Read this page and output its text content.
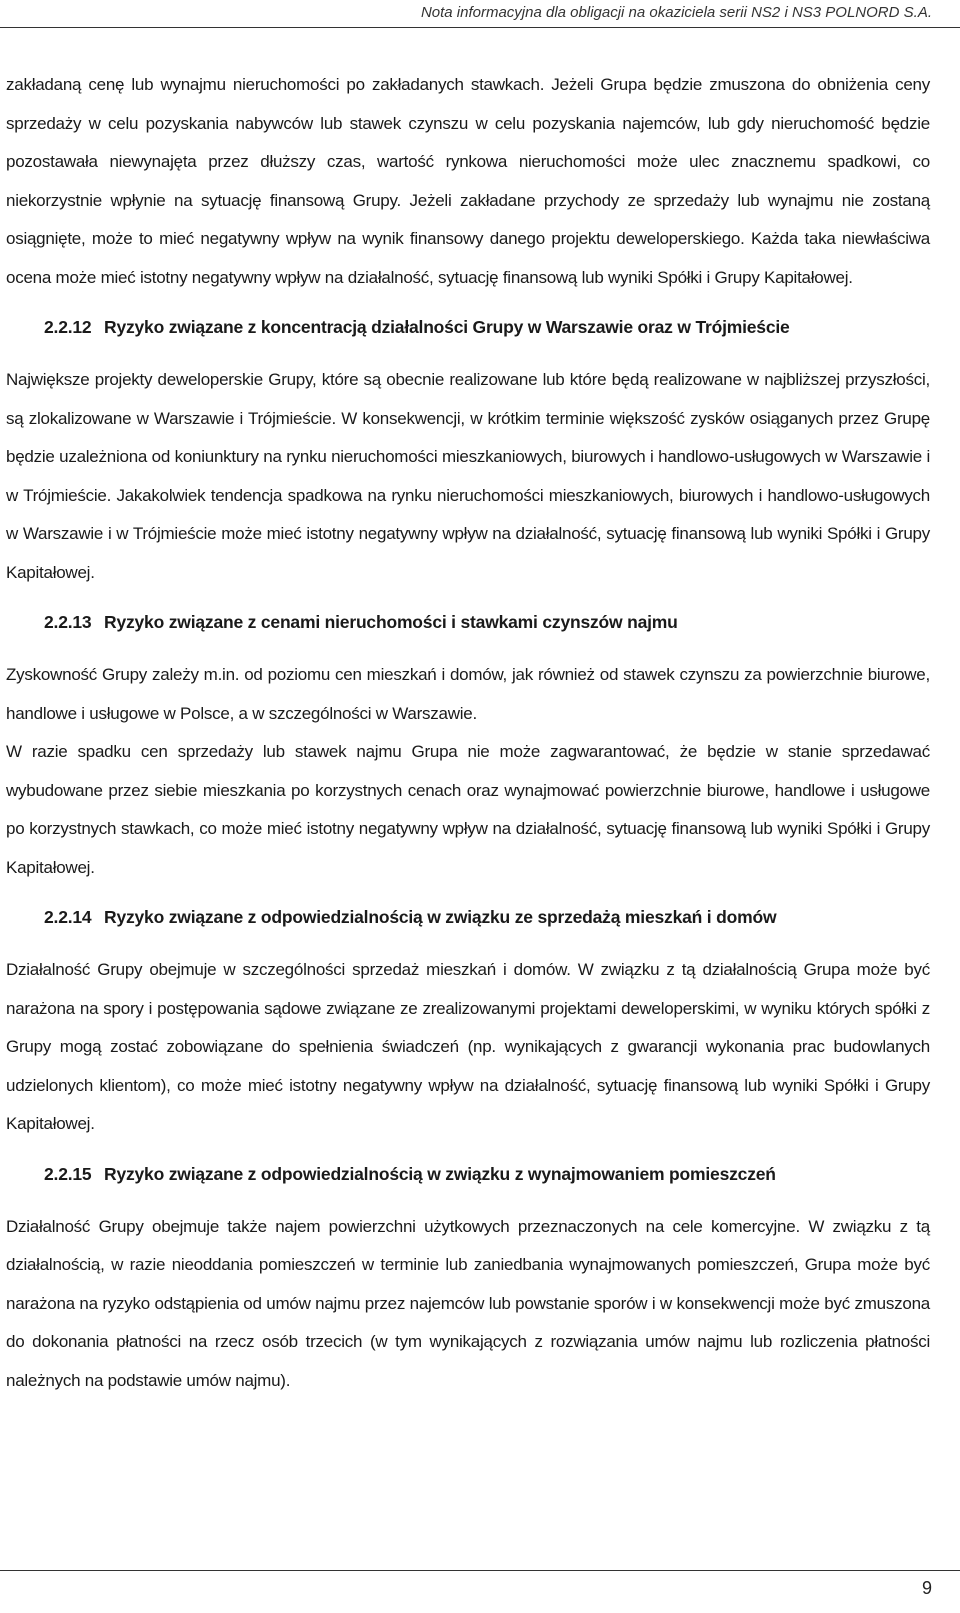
Nota informacyjna dla obligacji na okaziciela serii NS2 i NS3 POLNORD S.A.

zakładaną cenę lub wynajmu nieruchomości po zakładanych stawkach. Jeżeli Grupa będzie zmuszona do obniżenia ceny sprzedaży w celu pozyskania nabywców lub stawek czynszu w celu pozyskania najemców, lub gdy nieruchomość będzie pozostawała niewynajęta przez dłuższy czas, wartość rynkowa nieruchomości może ulec znacznemu spadkowi, co niekorzystnie wpłynie na sytuację finansową Grupy. Jeżeli zakładane przychody ze sprzedaży lub wynajmu nie zostaną osiągnięte, może to mieć negatywny wpływ na wynik finansowy danego projektu deweloperskiego. Każda taka niewłaściwa ocena może mieć istotny negatywny wpływ na działalność, sytuację finansową lub wyniki Spółki i Grupy Kapitałowej.

2.2.12 Ryzyko związane z koncentracją działalności Grupy w Warszawie oraz w Trójmieście

Największe projekty deweloperskie Grupy, które są obecnie realizowane lub które będą realizowane w najbliższej przyszłości, są zlokalizowane w Warszawie i Trójmieście. W konsekwencji, w krótkim terminie większość zysków osiąganych przez Grupę będzie uzależniona od koniunktury na rynku nieruchomości mieszkaniowych, biurowych i handlowo-usługowych w Warszawie i w Trójmieście. Jakakolwiek tendencja spadkowa na rynku nieruchomości mieszkaniowych, biurowych i handlowo-usługowych w Warszawie i w Trójmieście może mieć istotny negatywny wpływ na działalność, sytuację finansową lub wyniki Spółki i Grupy Kapitałowej.

2.2.13 Ryzyko związane z cenami nieruchomości i stawkami czynszów najmu

Zyskowność Grupy zależy m.in. od poziomu cen mieszkań i domów, jak również od stawek czynszu za powierzchnie biurowe, handlowe i usługowe w Polsce, a w szczególności w Warszawie.

W razie spadku cen sprzedaży lub stawek najmu Grupa nie może zagwarantować, że będzie w stanie sprzedawać wybudowane przez siebie mieszkania po korzystnych cenach oraz wynajmować powierzchnie biurowe, handlowe i usługowe po korzystnych stawkach, co może mieć istotny negatywny wpływ na działalność, sytuację finansową lub wyniki Spółki i Grupy Kapitałowej.

2.2.14 Ryzyko związane z odpowiedzialnością w związku ze sprzedażą mieszkań i domów

Działalność Grupy obejmuje w szczególności sprzedaż mieszkań i domów. W związku z tą działalnością Grupa może być narażona na spory i postępowania sądowe związane ze zrealizowanymi projektami deweloperskimi, w wyniku których spółki z Grupy mogą zostać zobowiązane do spełnienia świadczeń (np. wynikających z gwarancji wykonania prac budowlanych udzielonych klientom), co może mieć istotny negatywny wpływ na działalność, sytuację finansową lub wyniki Spółki i Grupy Kapitałowej.

2.2.15 Ryzyko związane z odpowiedzialnością w związku z wynajmowaniem pomieszczeń

Działalność Grupy obejmuje także najem powierzchni użytkowych przeznaczonych na cele komercyjne. W związku z tą działalnością, w razie nieoddania pomieszczeń w terminie lub zaniedbania wynajmowanych pomieszczeń, Grupa może być narażona na ryzyko odstąpienia od umów najmu przez najemców lub powstanie sporów i w konsekwencji może być zmuszona do dokonania płatności na rzecz osób trzecich (w tym wynikających z rozwiązania umów najmu lub rozliczenia płatności należnych na podstawie umów najmu).

9
